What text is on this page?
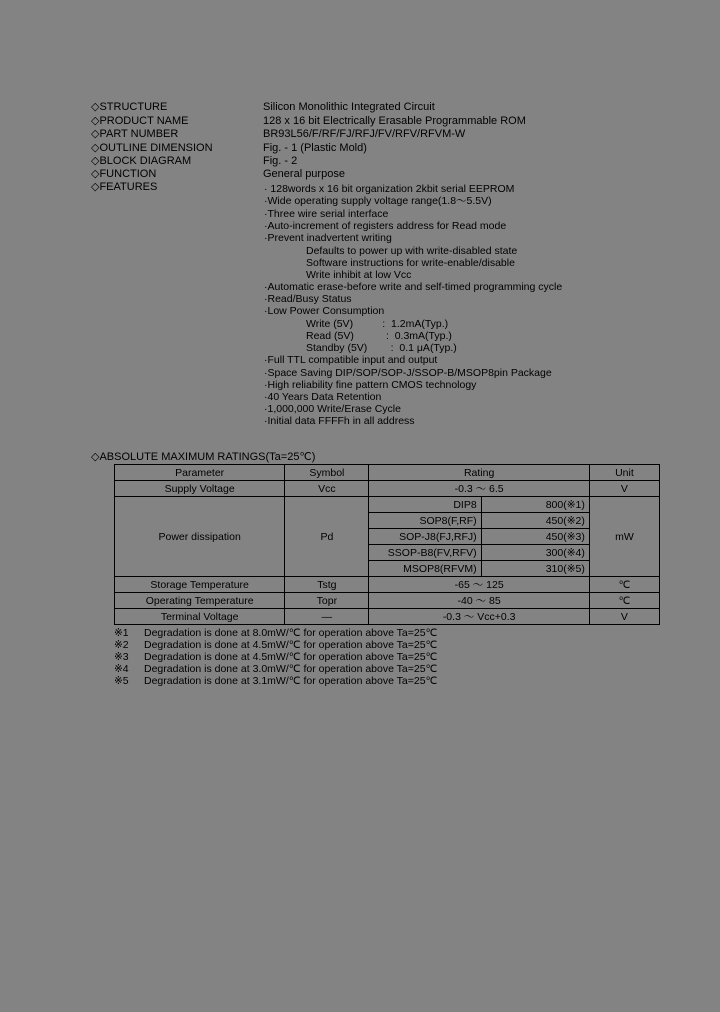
◇STRUCTURE	Silicon Monolithic Integrated Circuit
◇PRODUCT NAME	128 x 16 bit Electrically Erasable Programmable ROM
◇PART NUMBER	BR93L56/F/RF/FJ/RFJ/FV/RFV/RFVM-W
◇OUTLINE DIMENSION	Fig. - 1 (Plastic Mold)
◇BLOCK DIAGRAM	Fig. - 2
◇FUNCTION	General purpose
◇FEATURES	· 128words x 16 bit organization 2kbit serial EEPROM
·Wide operating supply voltage range(1.8～5.5V)
·Three wire serial interface
·Auto-increment of registers address for Read mode
·Prevent inadvertent writing
Defaults to power up with write-disabled state
Software instructions for write-enable/disable
Write inhibit at low Vcc
·Automatic erase-before write and self-timed programming cycle
·Read/Busy Status
·Low Power Consumption
Write (5V)          :  1.2mA(Typ.)
Read (5V)           :  0.3mA(Typ.)
Standby (5V)        :  0.1 μA(Typ.)
·Full TTL compatible input and output
·Space Saving DIP/SOP/SOP-J/SSOP-B/MSOP8pin Package
·High reliability fine pattern CMOS technology
·40 Years Data Retention
·1,000,000 Write/Erase Cycle
·Initial data FFFFh in all address
◇ABSOLUTE MAXIMUM RATINGS(Ta=25℃)
Parameter	Symbol	Rating		Unit
Supply Voltage	Vcc	-0.3 ～ 6.5		V
Power dissipation	Pd	DIP8	800(※1)	mW
		SOP8(F,RF)	450(※2)	
		SOP-J8(FJ,RFJ)	450(※3)	
		SSOP-B8(FV,RFV)	300(※4)	
		MSOP8(RFVM)	310(※5)	
Storage Temperature	Tstg	-65 ～ 125		℃
Operating Temperature	Topr	-40 ～ 85		℃
Terminal Voltage	—	-0.3 ～ Vcc+0.3		V
※1 Degradation is done at 8.0mW/℃ for operation above Ta=25℃
※2 Degradation is done at 4.5mW/℃ for operation above Ta=25℃
※3 Degradation is done at 4.5mW/℃ for operation above Ta=25℃
※4 Degradation is done at 3.0mW/℃ for operation above Ta=25℃
※5 Degradation is done at 3.1mW/℃ for operation above Ta=25℃
